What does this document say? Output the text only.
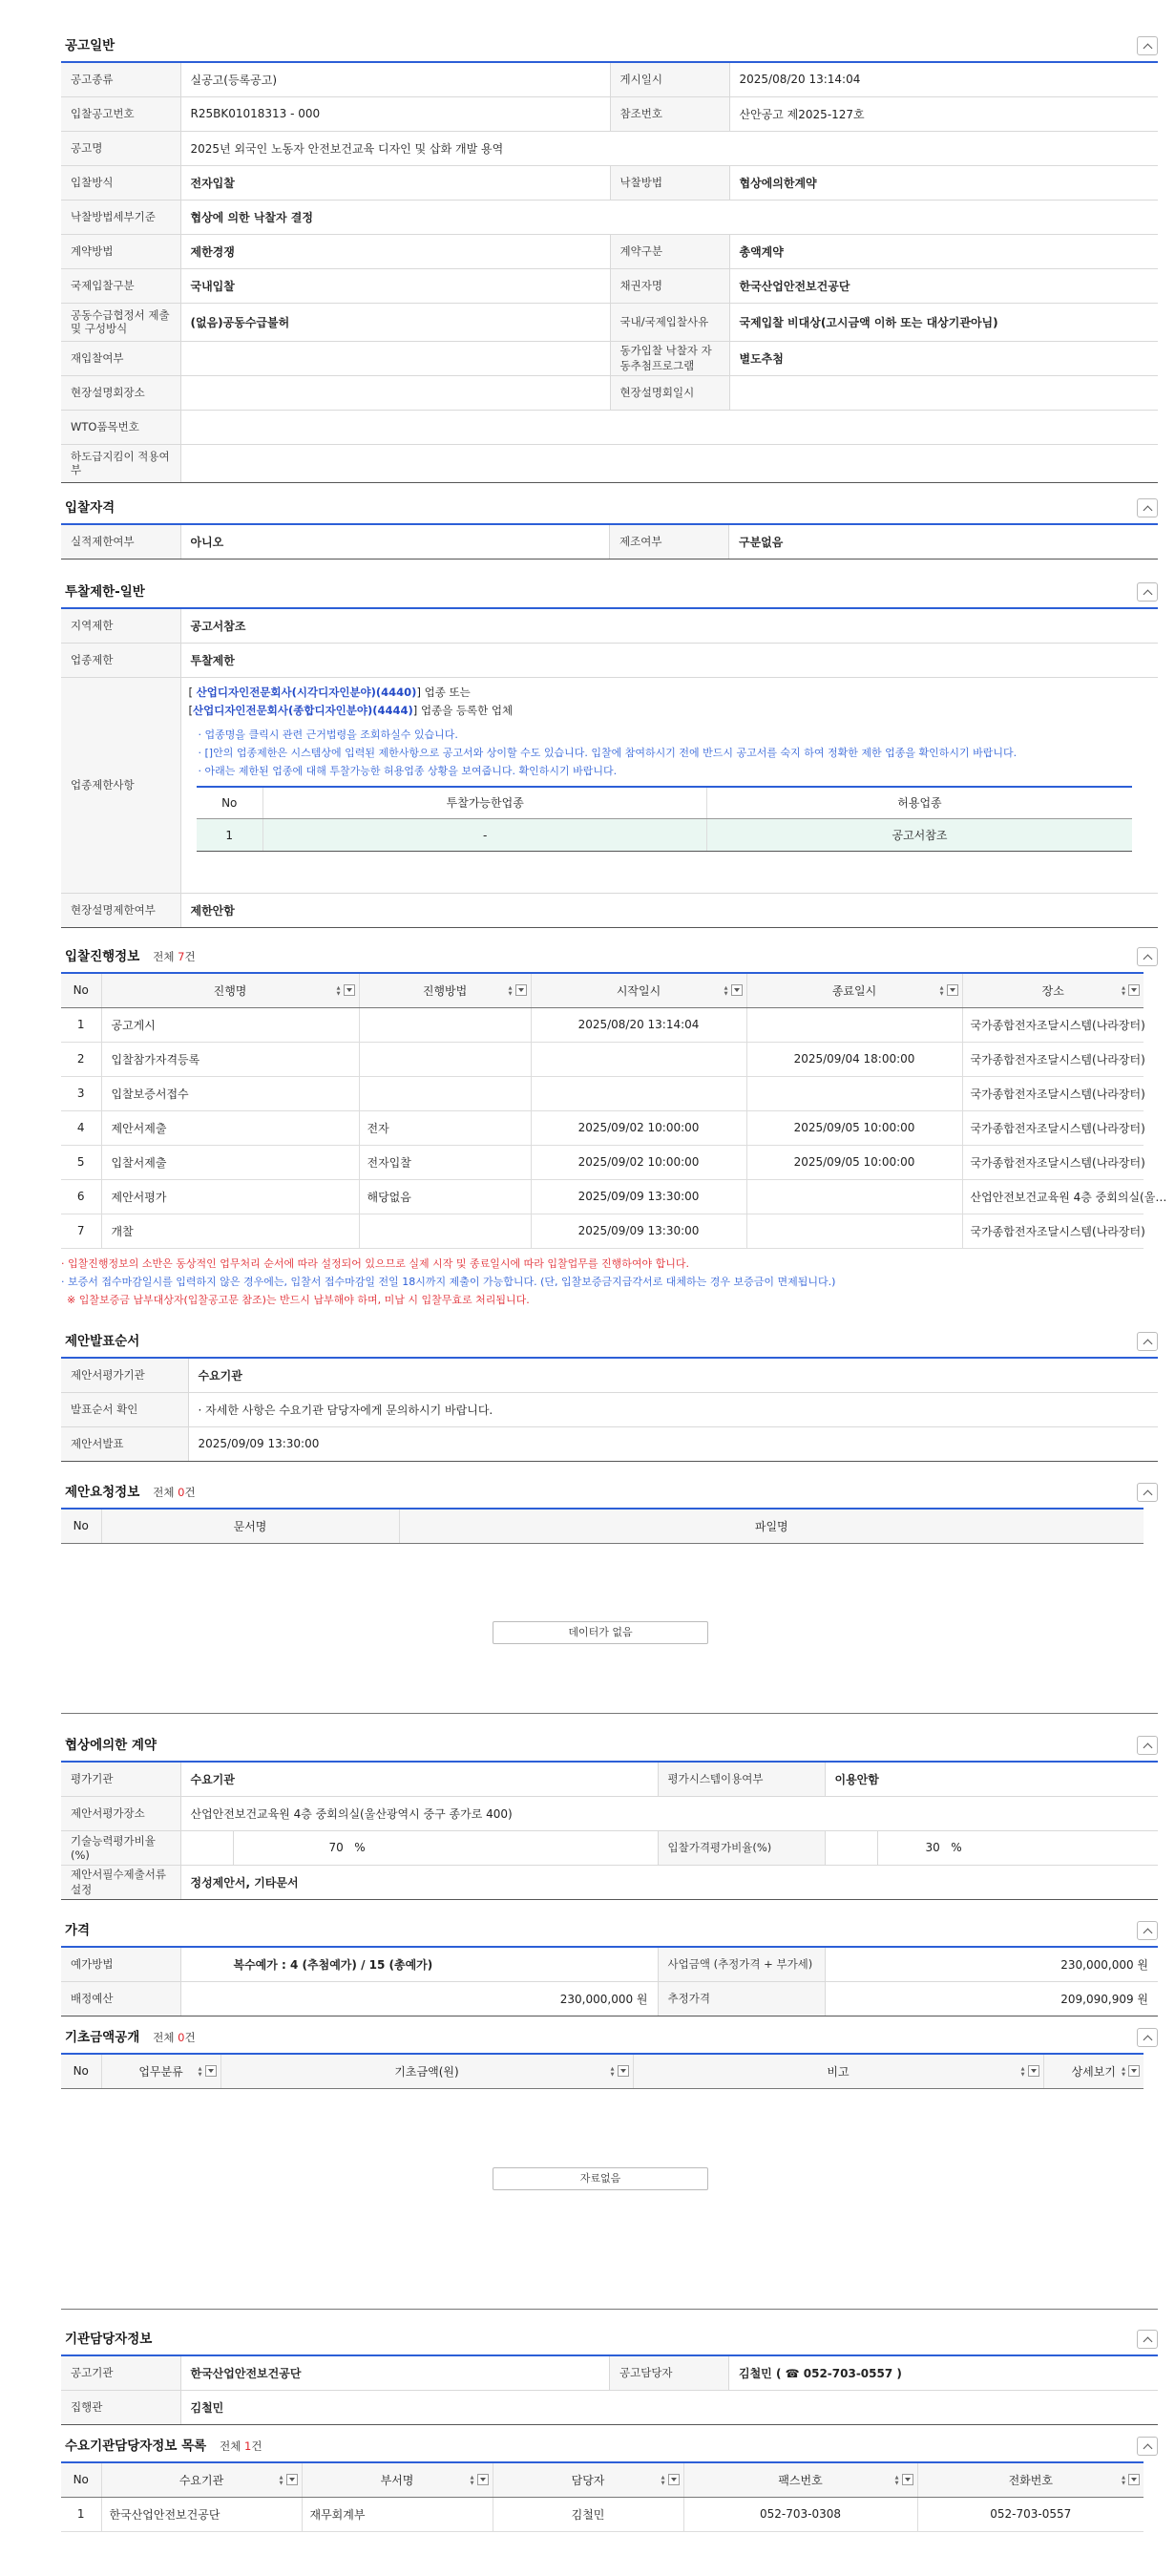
공고일반
공고종류	실공고(등록공고)	게시일시	2025/08/20 13:14:04
입찰공고번호	R25BK01018313 - 000	참조번호	산안공고 제2025-127호
공고명	2025년 외국인 노동자 안전보건교육 디자인 및 삽화 개발 용역		
입찰방식	전자입찰	낙찰방법	협상에의한계약
낙찰방법세부기준	협상에 의한 낙찰자 결정		
계약방법	제한경쟁	계약구분	총액계약
국제입찰구분	국내입찰	채권자명	한국산업안전보건공단
공동수급협정서 제출 및 구성방식	(없음)공동수급불허	국내/국제입찰사유	국제입찰 비대상(고시금액 이하 또는 대상기관아님)
재입찰여부		동가입찰 낙찰자 자동추첨프로그램	별도추첨
현장설명회장소		현장설명회일시	
WTO품목번호			
하도급지킴이 적용여부			
입찰자격
실적제한여부	아니오	제조여부	구분없음
투찰제한-일반
지역제한	공고서참조
업종제한	투찰제한
업종제한사항	
[ 산업디자인전문회사(시각디자인분야)(4440)] 업종 또는
[산업디자인전문회사(종합디자인분야)(4444)] 업종을 등록한 업체
· 업종명을 클릭시 관련 근거법령을 조회하실수 있습니다.
· []안의 업종제한은 시스템상에 입력된 제한사항으로 공고서와 상이할 수도 있습니다. 입찰에 참여하시기 전에 반드시 공고서를 숙지 하여 정확한 제한 업종을 확인하시기 바랍니다.
· 아래는 제한된 업종에 대해 투찰가능한 허용업종 상황을 보여줍니다. 확인하시기 바랍니다.
No	투찰가능한업종	허용업종
1	-	공고서참조

현장설명제한여부	제한안함
입찰진행정보 전체 7건
No	진행명 ▲▼	진행방법 ▲▼	시작일시 ▲▼	종료일시 ▲▼	장소 ▲▼

1	공고게시		2025/08/20 13:14:04		국가종합전자조달시스템(나라장터)
2	입찰참가자격등록			2025/09/04 18:00:00	국가종합전자조달시스템(나라장터)
3	입찰보증서접수				국가종합전자조달시스템(나라장터)
4	제안서제출	전자	2025/09/02 10:00:00	2025/09/05 10:00:00	국가종합전자조달시스템(나라장터)
5	입찰서제출	전자입찰	2025/09/02 10:00:00	2025/09/05 10:00:00	국가종합전자조달시스템(나라장터)
6	제안서평가	해당없음	2025/09/09 13:30:00		산업안전보건교육원 4층 중회의실(울…
7	개찰		2025/09/09 13:30:00		국가종합전자조달시스템(나라장터)
· 입찰진행정보의 소반은 동상적인 업무처리 순서에 따라 설정되어 있으므로 실제 시작 및 종료일시에 따라 입찰업무를 진행하여야 합니다.
· 보증서 접수마감일시를 입력하지 않은 경우에는, 입찰서 접수마감일 전일 18시까지 제출이 가능합니다. (단, 입찰보증금지급각서로 대체하는 경우 보증금이 면제됩니다.)
※ 입찰보증금 납부대상자(입찰공고문 참조)는 반드시 납부해야 하며, 미납 시 입찰무효로 처리됩니다.
제안발표순서
제안서평가기관	수요기관
발표순서 확인	· 자세한 사항은 수요기관 담당자에게 문의하시기 바랍니다.
제안서발표	2025/09/09 13:30:00
제안요청정보 전체 0건
No	문서명	파일명
데이터가 없음
협상에의한 계약
평가기관	수요기관		평가시스템이용여부	이용안함	
제안서평가장소	산업안전보건교육원 4층 중회의실(울산광역시 중구 종가로 400)				
기술능력평가비율(%)		70 %	입찰가격평가비율(%)		30 %
제안서필수제출서류설정	정성제안서, 기타문서				
가격
예가방법	복수예가 : 4 (추첨예가) / 15 (총예가)	사업금액 (추정가격 + 부가세)	230,000,000 원
배정예산	230,000,000 원	추정가격	209,090,909 원
기초금액공개 전체 0건
No	업무분류	▲▼	기초금액(원)	▲▼	비고	▲▼	상세보기 ▲▼
자료없음
기관담당자정보
공고기관	한국산업안전보건공단	공고담당자	김철민 ( ☎ 052-703-0557 )
집행관	김철민		
수요기관담당자정보 목록 전체 1건
No	수요기관 ▲▼	부서명 ▲▼	담당자 ▲▼	팩스번호 ▲▼	전화번호 ▲▼

1	한국산업안전보건공단	재무회계부	김철민	052-703-0308	052-703-0557
